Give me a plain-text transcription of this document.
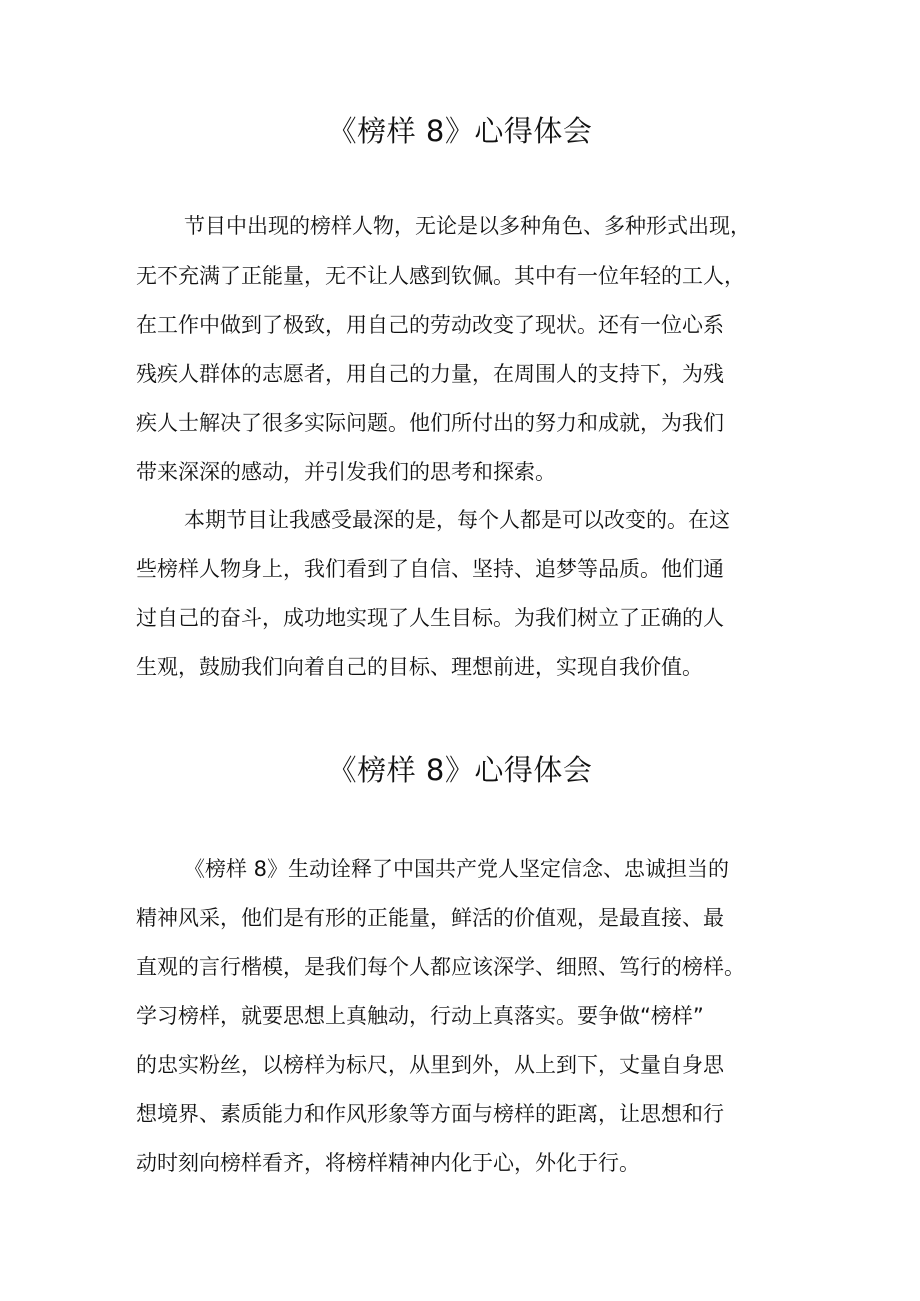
《榜样 8》心得体会

节目中出现的榜样人物，无论是以多种角色、多种形式出现，

无不充满了正能量，无不让人感到钦佩。其中有一位年轻的工人，

在工作中做到了极致，用自己的劳动改变了现状。还有一位心系

残疾人群体的志愿者，用自己的力量，在周围人的支持下，为残

疾人士解决了很多实际问题。他们所付出的努力和成就，为我们

带来深深的感动，并引发我们的思考和探索。

本期节目让我感受最深的是，每个人都是可以改变的。在这

些榜样人物身上，我们看到了自信、坚持、追梦等品质。他们通

过自己的奋斗，成功地实现了人生目标。为我们树立了正确的人

生观，鼓励我们向着自己的目标、理想前进，实现自我价值。

《榜样 8》心得体会

《榜样 8》生动诠释了中国共产党人坚定信念、忠诚担当的

精神风采，他们是有形的正能量，鲜活的价值观，是最直接、最

直观的言行楷模，是我们每个人都应该深学、细照、笃行的榜样。

学习榜样，就要思想上真触动，行动上真落实。要争做“榜样”

的忠实粉丝，以榜样为标尺，从里到外，从上到下，丈量自身思

想境界、素质能力和作风形象等方面与榜样的距离，让思想和行

动时刻向榜样看齐，将榜样精神内化于心，外化于行。
